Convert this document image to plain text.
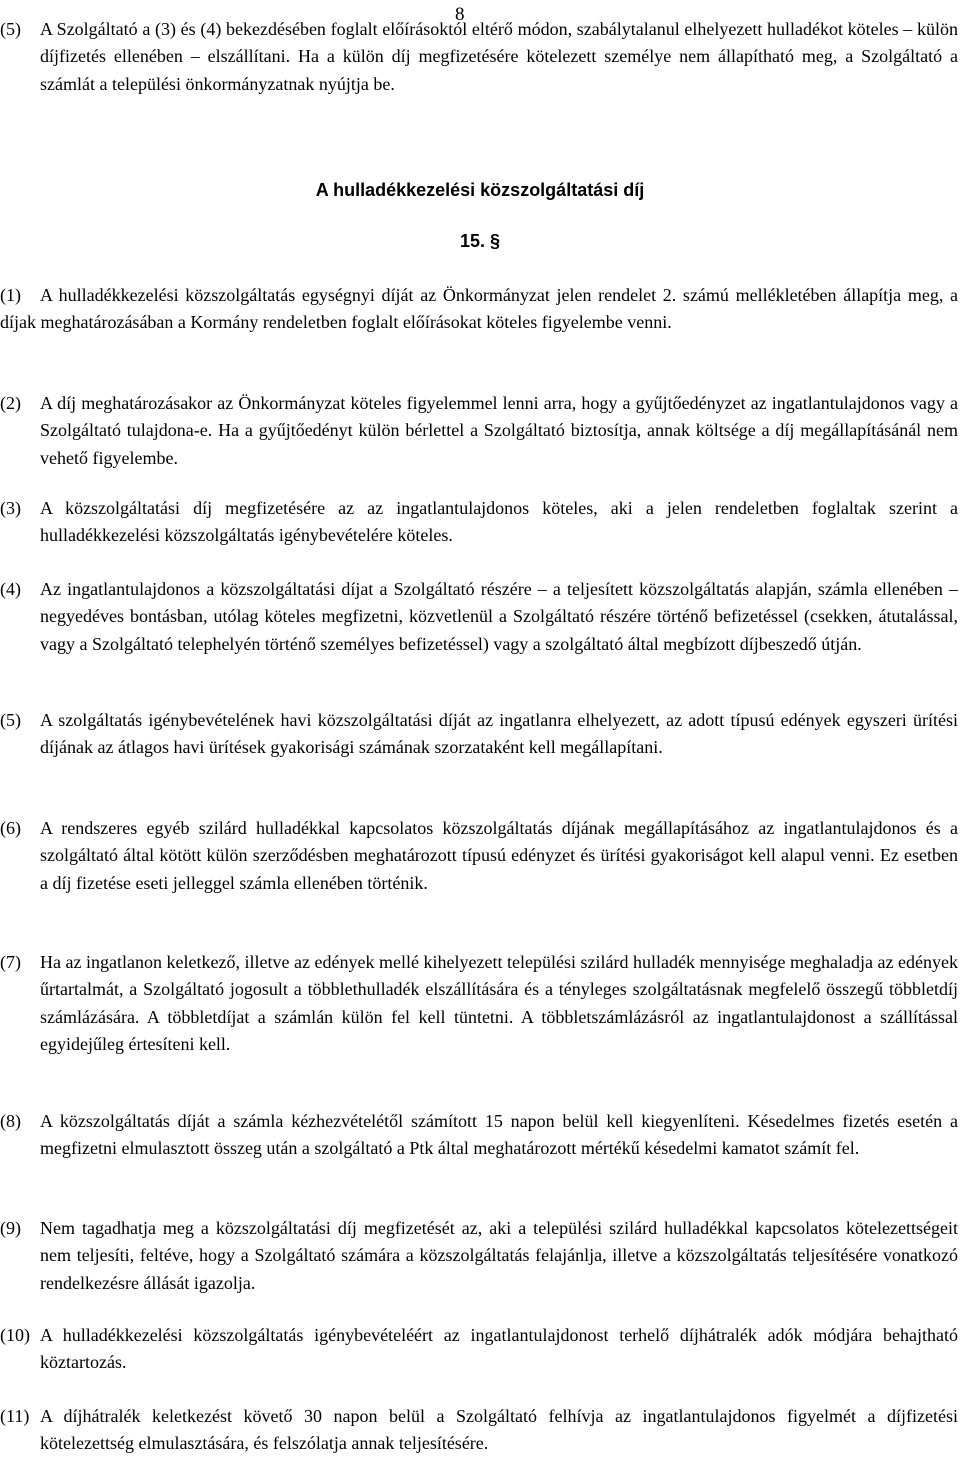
8

(5)	A Szolgáltató a (3) és (4) bekezdésében foglalt előírásoktól eltérő módon, szabálytalanul elhelyezett hulladékot köteles – külön díjfizetés ellenében – elszállítani. Ha a külön díj megfizetésére kötelezett személye nem állapítható meg, a Szolgáltató a számlát a települési önkormányzatnak nyújtja be.

A hulladékkezelési közszolgáltatási díj
15. §

(1)	A hulladékkezelési közszolgáltatás egységnyi díját az Önkormányzat jelen rendelet 2. számú mellékletében állapítja meg, a díjak meghatározásában a Kormány rendeletben foglalt előírásokat köteles figyelembe venni.

(2)	A díj meghatározásakor az Önkormányzat köteles figyelemmel lenni arra, hogy a gyűjtőedényzet az ingatlantulajdonos vagy a Szolgáltató tulajdona-e. Ha a gyűjtőedényt külön bérlettel a Szolgáltató biztosítja, annak költsége a díj megállapításánál nem vehető figyelembe.

(3)	A közszolgáltatási díj megfizetésére az az ingatlantulajdonos köteles, aki a jelen rendeletben foglaltak szerint a hulladékkezelési közszolgáltatás igénybevételére köteles.

(4)	Az ingatlantulajdonos a közszolgáltatási díjat a Szolgáltató részére – a teljesített közszolgáltatás alapján, számla ellenében – negyedéves bontásban, utólag köteles megfizetni, közvetlenül a Szolgáltató részére történő befizetéssel (csekken, átutalással, vagy a Szolgáltató telephelyén történő személyes befizetéssel) vagy a szolgáltató által megbízott díjbeszedő útján.

(5)	A szolgáltatás igénybevételének havi közszolgáltatási díját az ingatlanra elhelyezett, az adott típusú edények egyszeri ürítési díjának az átlagos havi ürítések gyakorisági számának szorzataként kell megállapítani.

(6)	A rendszeres egyéb szilárd hulladékkal kapcsolatos közszolgáltatás díjának megállapításához az ingatlantulajdonos és a szolgáltató által kötött külön szerződésben meghatározott típusú edényzet és ürítési gyakoriságot kell alapul venni. Ez esetben a díj fizetése eseti jelleggel számla ellenében történik.

(7)	Ha az ingatlanon keletkező, illetve az edények mellé kihelyezett települési szilárd hulladék mennyisége meghaladja az edények űrtartalmát, a Szolgáltató jogosult a többlethulladék elszállítására és a tényleges szolgáltatásnak megfelelő összegű többletdíj számlázására. A többletdíjat a számlán külön fel kell tüntetni. A többletszámlázásról az ingatlantulajdonost a szállítással egyidejűleg értesíteni kell.

(8)	A közszolgáltatás díját a számla kézhezvételétől számított 15 napon belül kell kiegyenlíteni. Késedelmes fizetés esetén a megfizetni elmulasztott összeg után a szolgáltató a Ptk által meghatározott mértékű késedelmi kamatot számít fel.

(9)	Nem tagadhatja meg a közszolgáltatási díj megfizetését az, aki a települési szilárd hulladékkal kapcsolatos kötelezettségeit nem teljesíti, feltéve, hogy a Szolgáltató számára a közszolgáltatás felajánlja, illetve a közszolgáltatás teljesítésére vonatkozó rendelkezésre állását igazolja.

(10) A hulladékkezelési közszolgáltatás igénybevételéért az ingatlantulajdonost terhelő díjhátralék adók módjára behajtható köztartozás.

(11) A díjhátralék keletkezést követő 30 napon belül a Szolgáltató felhívja az ingatlantulajdonos figyelmét a díjfizetési kötelezettség elmulasztására, és felszólatja annak teljesítésére.
